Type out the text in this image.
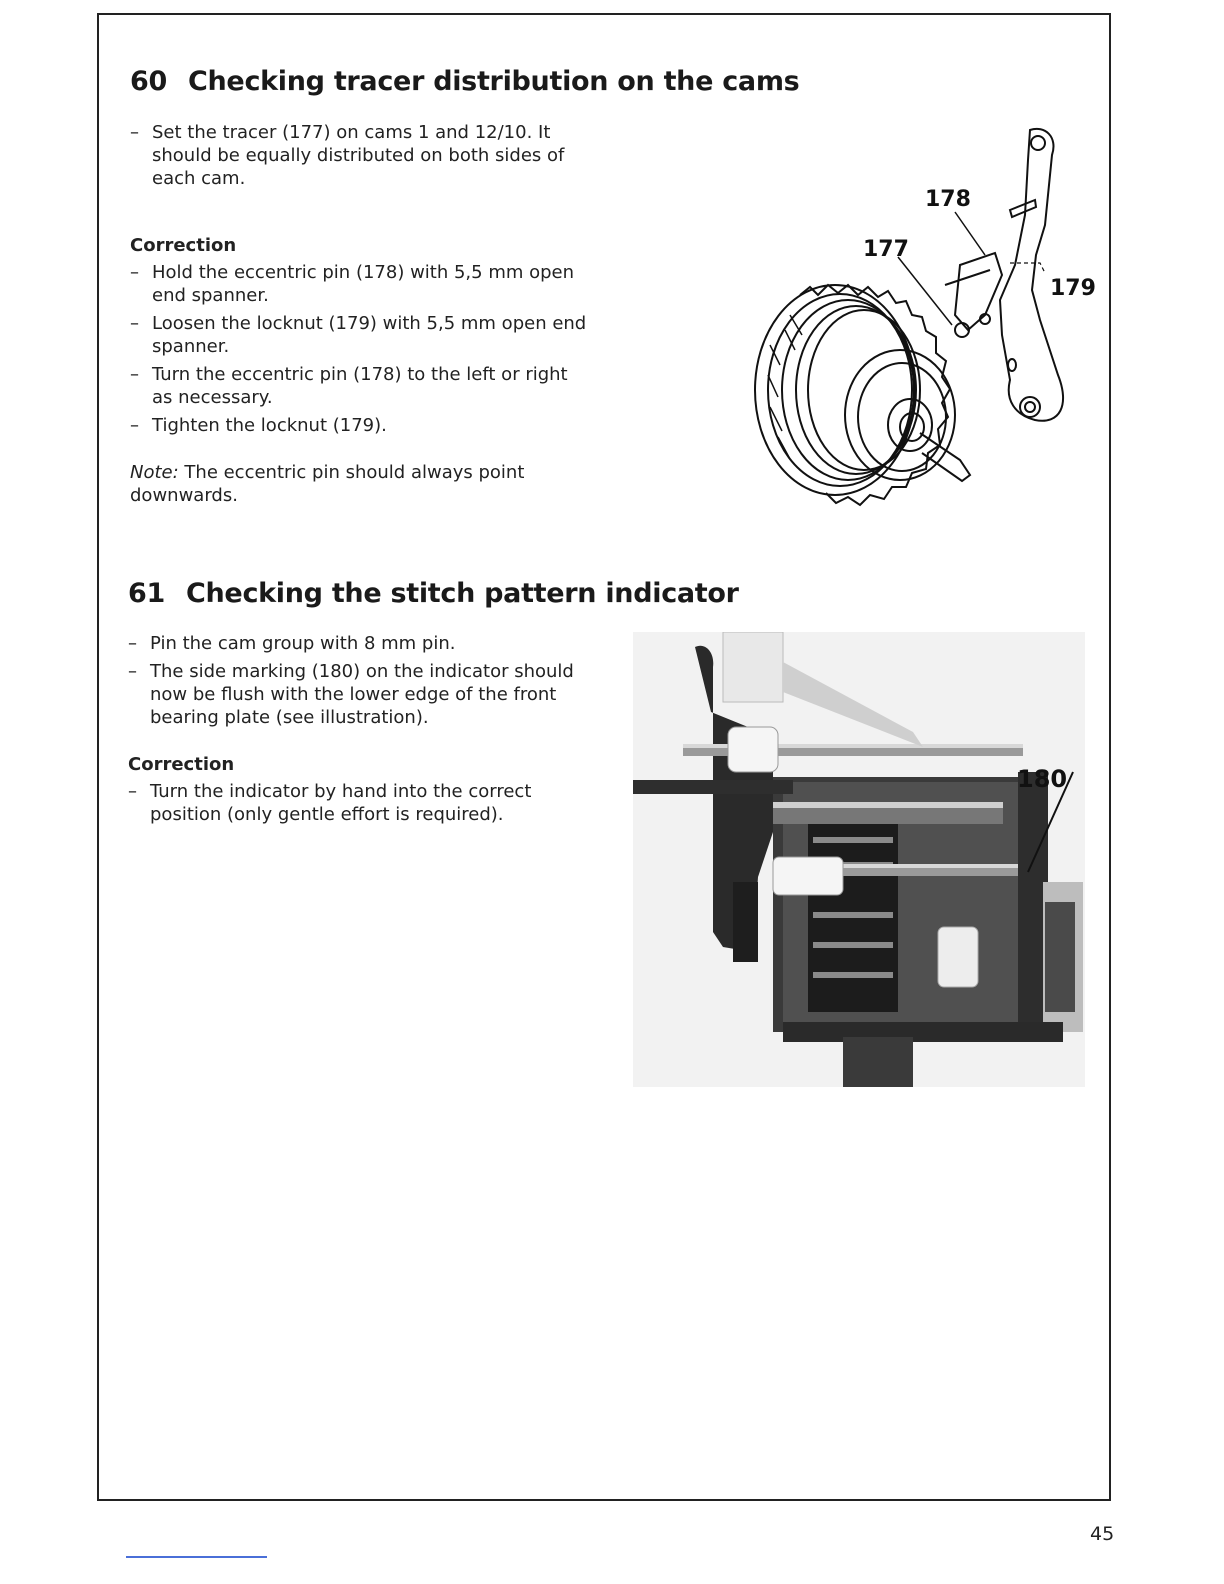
60 Checking tracer distribution on the cams
– Set the tracer (177) on cams 1 and 12/10. It should be equally distributed on both sides of each cam.
Correction
– Hold the eccentric pin (178) with 5,5 mm open end spanner.
– Loosen the locknut (179) with 5,5 mm open end spanner.
– Turn the eccentric pin (178) to the left or right as necessary.
– Tighten the locknut (179).
Note: The eccentric pin should always point downwards.
178
177
179
61 Checking the stitch pattern indicator
– Pin the cam group with 8 mm pin.
– The side marking (180) on the indicator should now be flush with the lower edge of the front bearing plate (see illustration).
Correction
– Turn the indicator by hand into the correct position (only gentle effort is required).
180
45
